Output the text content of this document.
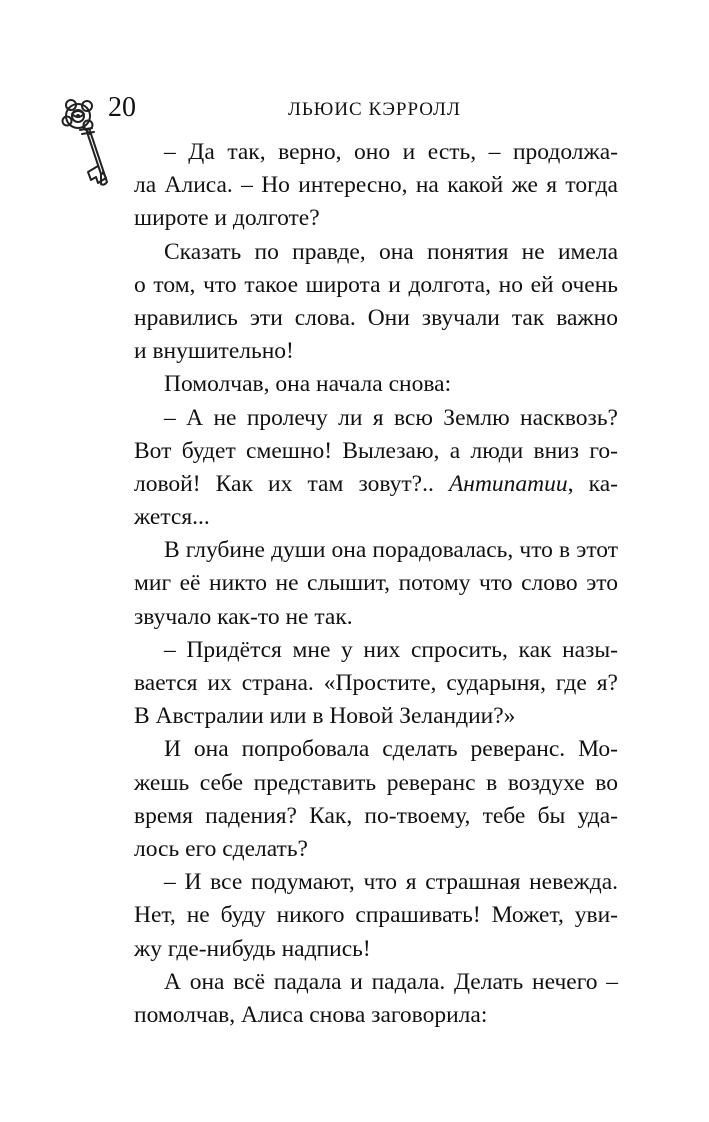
20	ЛЬЮИС КЭРРОЛЛ
– Да так, верно, оно и есть, – продолжа-
ла Алиса. – Но интересно, на какой же я тогда
широте и долготе?
Сказать по правде, она понятия не имела
о том, что такое широта и долгота, но ей очень
нравились эти слова. Они звучали так важно
и внушительно!
Помолчав, она начала снова:
– А не пролечу ли я всю Землю насквозь?
Вот будет смешно! Вылезаю, а люди вниз го-
ловой! Как их там зовут?.. Антипатии, ка-
жется...
В глубине души она порадовалась, что в этот
миг её никто не слышит, потому что слово это
звучало как-то не так.
– Придётся мне у них спросить, как назы-
вается их страна. «Простите, сударыня, где я?
В Австралии или в Новой Зеландии?»
И она попробовала сделать реверанс. Мо-
жешь себе представить реверанс в воздухе во
время падения? Как, по-твоему, тебе бы уда-
лось его сделать?
– И все подумают, что я страшная невежда.
Нет, не буду никого спрашивать! Может, уви-
жу где-нибудь надпись!
А она всё падала и падала. Делать нечего –
помолчав, Алиса снова заговорила:
